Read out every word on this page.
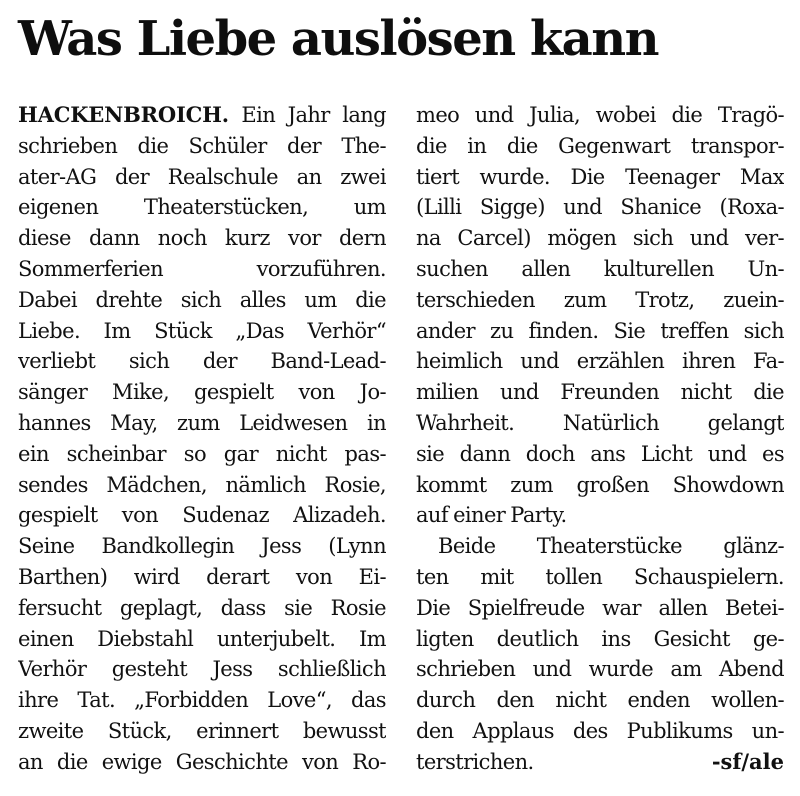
Was Liebe auslösen kann
HACKENBROICH. Ein Jahr lang
schrieben die Schüler der The-
ater-AG der Realschule an zwei
eigenen Theaterstücken, um
diese dann noch kurz vor dern
Sommerferien vorzuführen.
Dabei drehte sich alles um die
Liebe. Im Stück „Das Verhör“
verliebt sich der Band-Lead-
sänger Mike, gespielt von Jo-
hannes May, zum Leidwesen in
ein scheinbar so gar nicht pas-
sendes Mädchen, nämlich Rosie,
gespielt von Sudenaz Alizadeh.
Seine Bandkollegin Jess (Lynn
Barthen) wird derart von Ei-
fersucht geplagt, dass sie Rosie
einen Diebstahl unterjubelt. Im
Verhör gesteht Jess schließlich
ihre Tat. „Forbidden Love“, das
zweite Stück, erinnert bewusst
an die ewige Geschichte von Ro-
meo und Julia, wobei die Tragö-
die in die Gegenwart transpor-
tiert wurde. Die Teenager Max
(Lilli Sigge) und Shanice (Roxa-
na Carcel) mögen sich und ver-
suchen allen kulturellen Un-
terschieden zum Trotz, zuein-
ander zu finden. Sie treffen sich
heimlich und erzählen ihren Fa-
milien und Freunden nicht die
Wahrheit. Natürlich gelangt
sie dann doch ans Licht und es
kommt zum großen Showdown
auf einer Party.
Beide Theaterstücke glänz-
ten mit tollen Schauspielern.
Die Spielfreude war allen Betei-
ligten deutlich ins Gesicht ge-
schrieben und wurde am Abend
durch den nicht enden wollen-
den Applaus des Publikums un-
terstrichen.	-sf/ale
